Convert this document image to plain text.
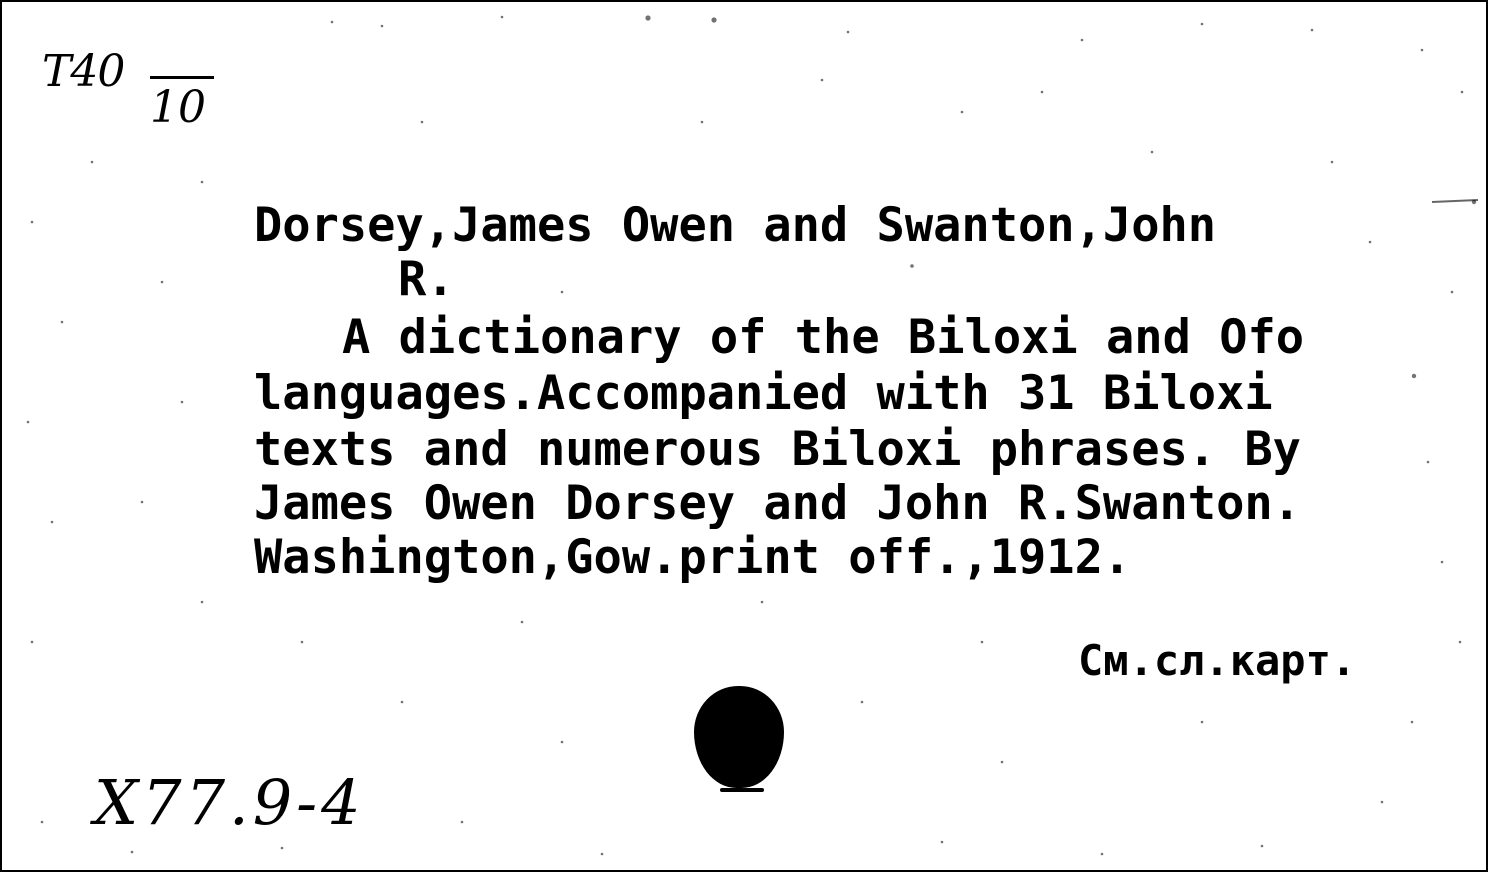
T40
10
Dorsey,James Owen and Swanton,John
R.
A dictionary of the Biloxi and Ofo
languages.Accompanied with 31 Biloxi
texts and numerous Biloxi phrases. By
James Owen Dorsey and John R.Swanton.
Washington,Gow.print off.,1912.
См.сл.карт.
Х77.9-4
